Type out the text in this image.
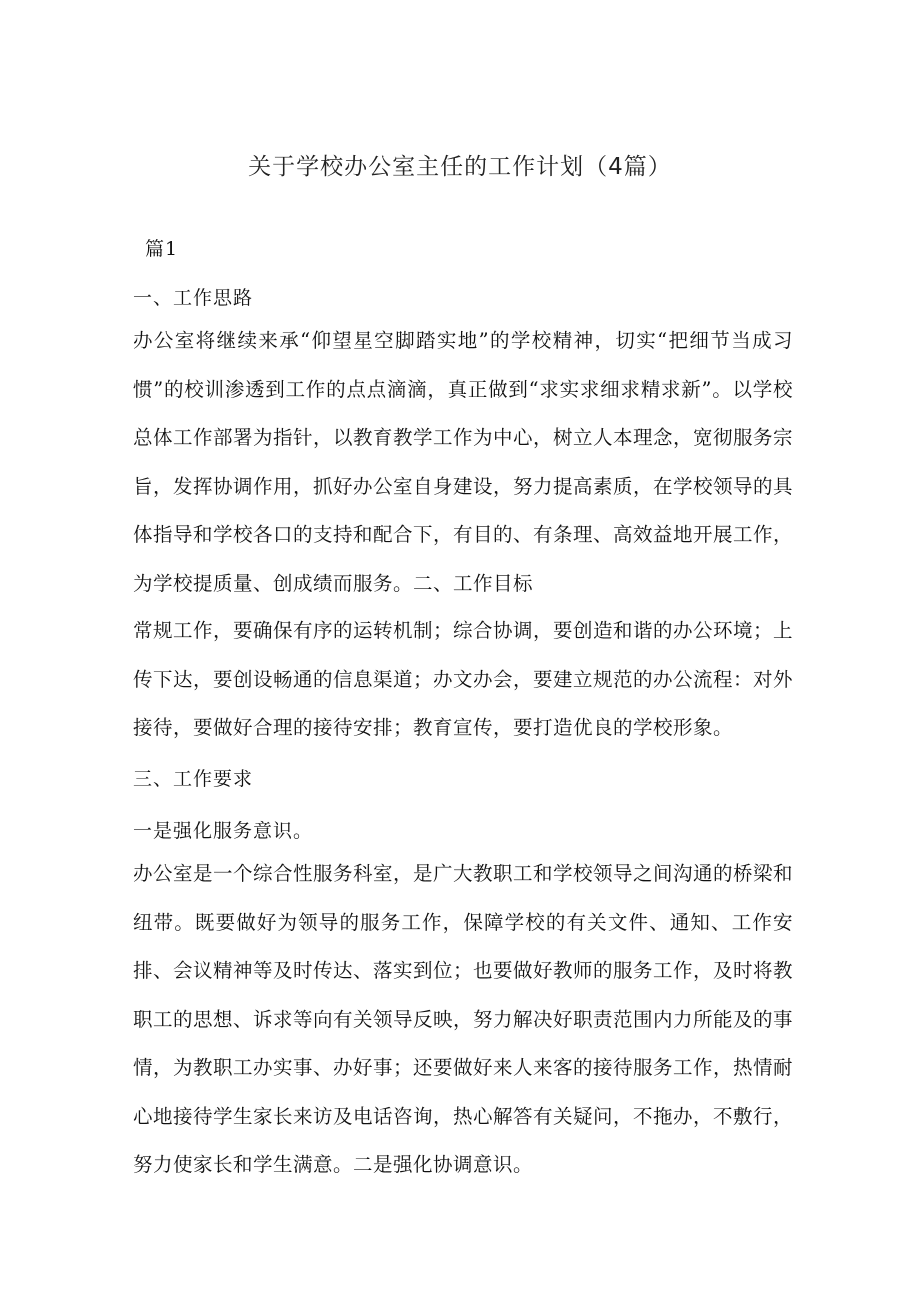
关于学校办公室主任的工作计划（4篇）
篇1
一、工作思路
办公室将继续来承“仰望星空脚踏实地”的学校精神，切实“把细节当成习惯”的校训渗透到工作的点点滴滴，真正做到“求实求细求精求新”。以学校总体工作部署为指针，以教育教学工作为中心，树立人本理念，宽彻服务宗旨，发挥协调作用，抓好办公室自身建设，努力提高素质，在学校领导的具体指导和学校各口的支持和配合下，有目的、有条理、高效益地开展工作，为学校提质量、创成绩而服务。二、工作目标
常规工作，要确保有序的运转机制；综合协调，要创造和谐的办公环境；上传下达，要创设畅通的信息渠道；办文办会，要建立规范的办公流程：对外接待，要做好合理的接待安排；教育宣传，要打造优良的学校形象。
三、工作要求
一是强化服务意识。
办公室是一个综合性服务科室，是广大教职工和学校领导之间沟通的桥梁和纽带。既要做好为领导的服务工作，保障学校的有关文件、通知、工作安排、会议精神等及时传达、落实到位；也要做好教师的服务工作，及时将教职工的思想、诉求等向有关领导反映，努力解决好职责范围内力所能及的事情，为教职工办实事、办好事；还要做好来人来客的接待服务工作，热情耐心地接待学生家长来访及电话咨询，热心解答有关疑问，不拖办，不敷行，努力使家长和学生满意。二是强化协调意识。
